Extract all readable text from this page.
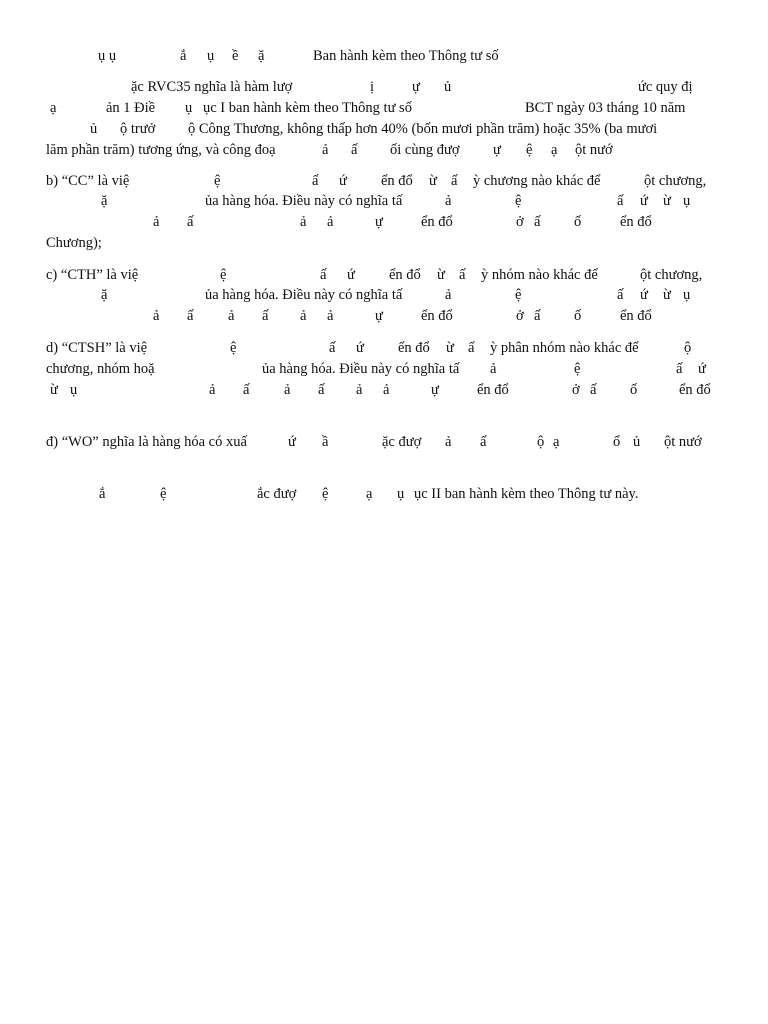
ụ ụ	ắ ụ ề ặ	Ban hành kèm theo Thông tư số
ặc RVC35 nghĩa là hàm lượ	ị	ự ủ	ức quy đị
ạ	ản 1 Điề ụ ục I ban hành kèm theo Thông tư số	BCT ngày 03 tháng 10 năm
ủ ộ trưở ộ Công Thương, không thấp hơn 40% (bốn mươi phần trăm) hoặc 35% (ba mươi
lăm phần trăm) tương ứng, và công đoạ	ả ấ ối cùng đượ ự ệ ạ ột nướ
b) “CC” là việ	ệ	ấ ứ ển đổ ừ ấ ỳ chương nào khác để	ột chương,
ặ	ủa hàng hóa. Điều này có nghĩa tấ	ả	ệ	ấ ứ ừ ụ
ả ấ	ả ả	ự	ển đổ	ở ấ ố	ển đổ
Chương);
c) “CTH” là việ	ệ	ấ ứ ển đổ ừ ấ ỳ nhóm nào khác để	ột chương,
ặ	ủa hàng hóa. Điều này có nghĩa tấ	ả	ệ	ấ ứ ừ ụ
ả ấ ả ấ ả ả	ự	ển đổ	ở ấ ố	ển đổ
d) “CTSH” là việ	ệ	ấ ứ ển đổ ừ ấ ỳ phân nhóm nào khác để	ộ
chương, nhóm hoặ	ủa hàng hóa. Điều này có nghĩa tấ ả	ệ	ấ ứ
ừ ụ	ả ấ ả ấ ả ả	ự	ển đổ	ở ấ ố	ển đổ
đ) “WO” nghĩa là hàng hóa có xuấ	ứ ầ	ặc đượ ả ấ	ộ ạ	ổ ủ ột nướ
ắ	ệ	ắc đượ ệ	ạ ụ ục II ban hành kèm theo Thông tư này.
